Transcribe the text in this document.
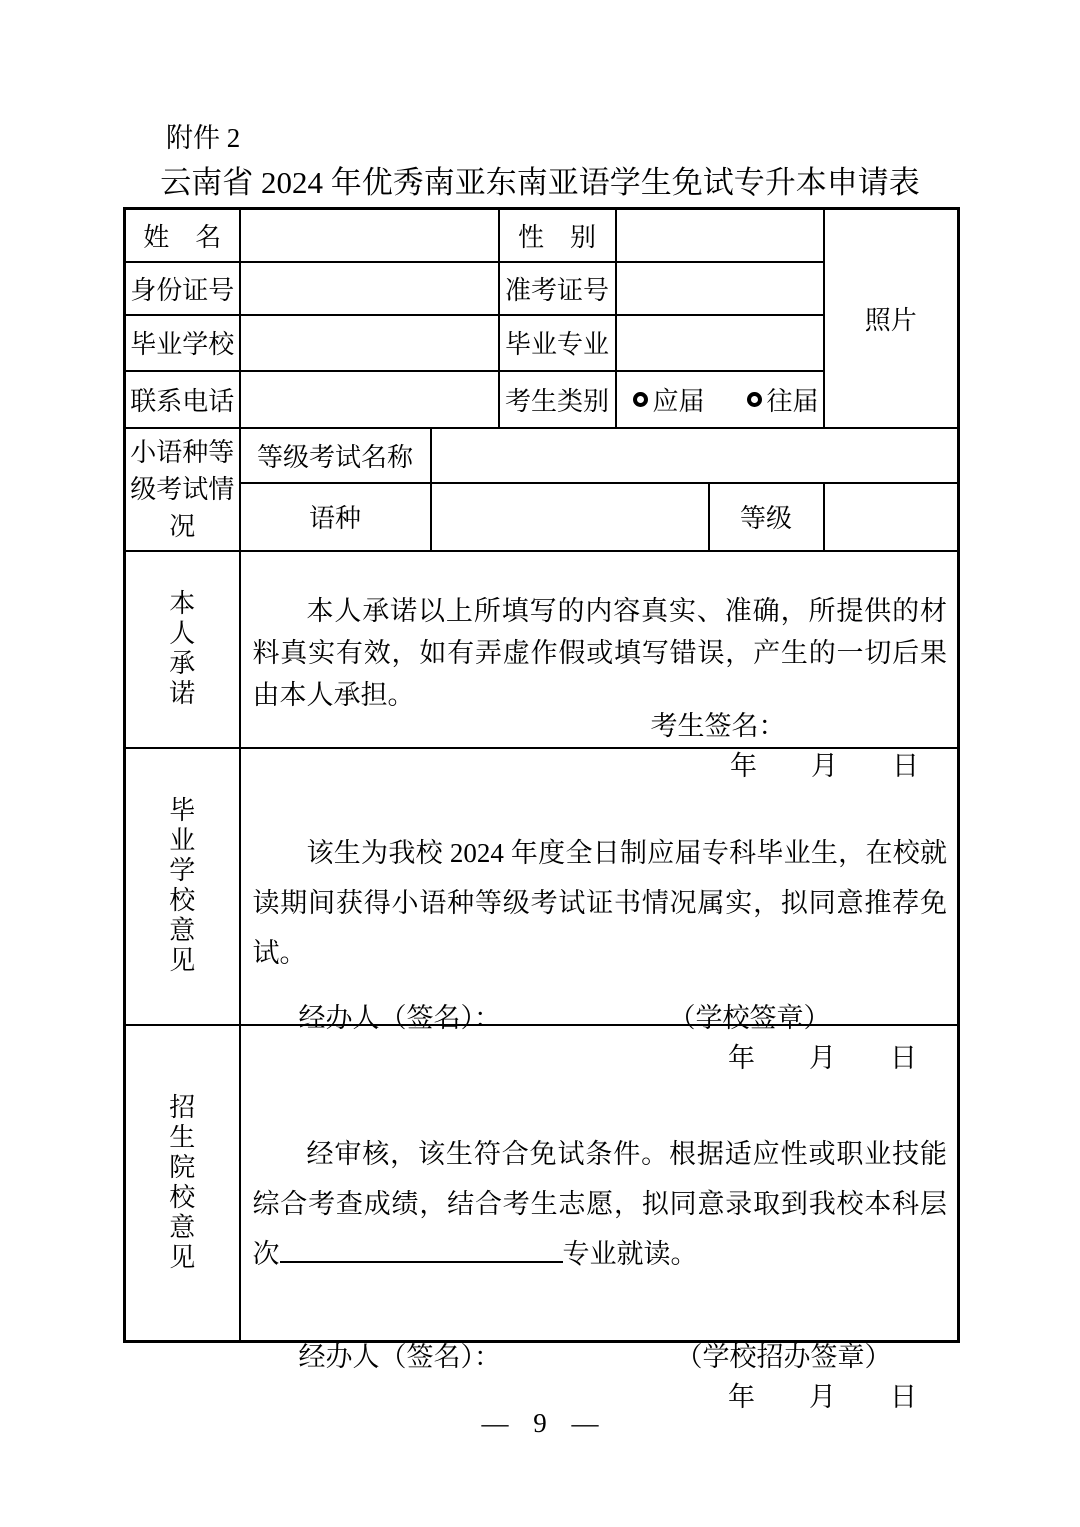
附件 2
云南省 2024 年优秀南亚东南亚语学生免试专升本申请表
姓　名			性　别			照片
身份证号			准考证号			
毕业学校			毕业专业			
联系电话			考生类别	应届 往届		

小语种等级考试情况	等级考试名称					
	语种				等级	

本人承诺	本人承诺以上所填写的内容真实、准确，所提供的材料真实有效，如有弄虚作假或填写错误，产生的一切后果由本人承担。

考生签名：
年　　月　　日					

毕业学校意见	该生为我校 2024 年度全日制应届专科毕业生，在校就读期间获得小语种等级考试证书情况属实，拟同意推荐免试。

经办人（签名）： （学校签章）
年　　月　　日					

招生院校意见	经审核，该生符合免试条件。根据适应性或职业技能综合考查成绩，结合考生志愿，拟同意录取到我校本科层次 专业就读。

经办人（签名）： （学校招办签章）
年　　月　　日					
— 9 —
